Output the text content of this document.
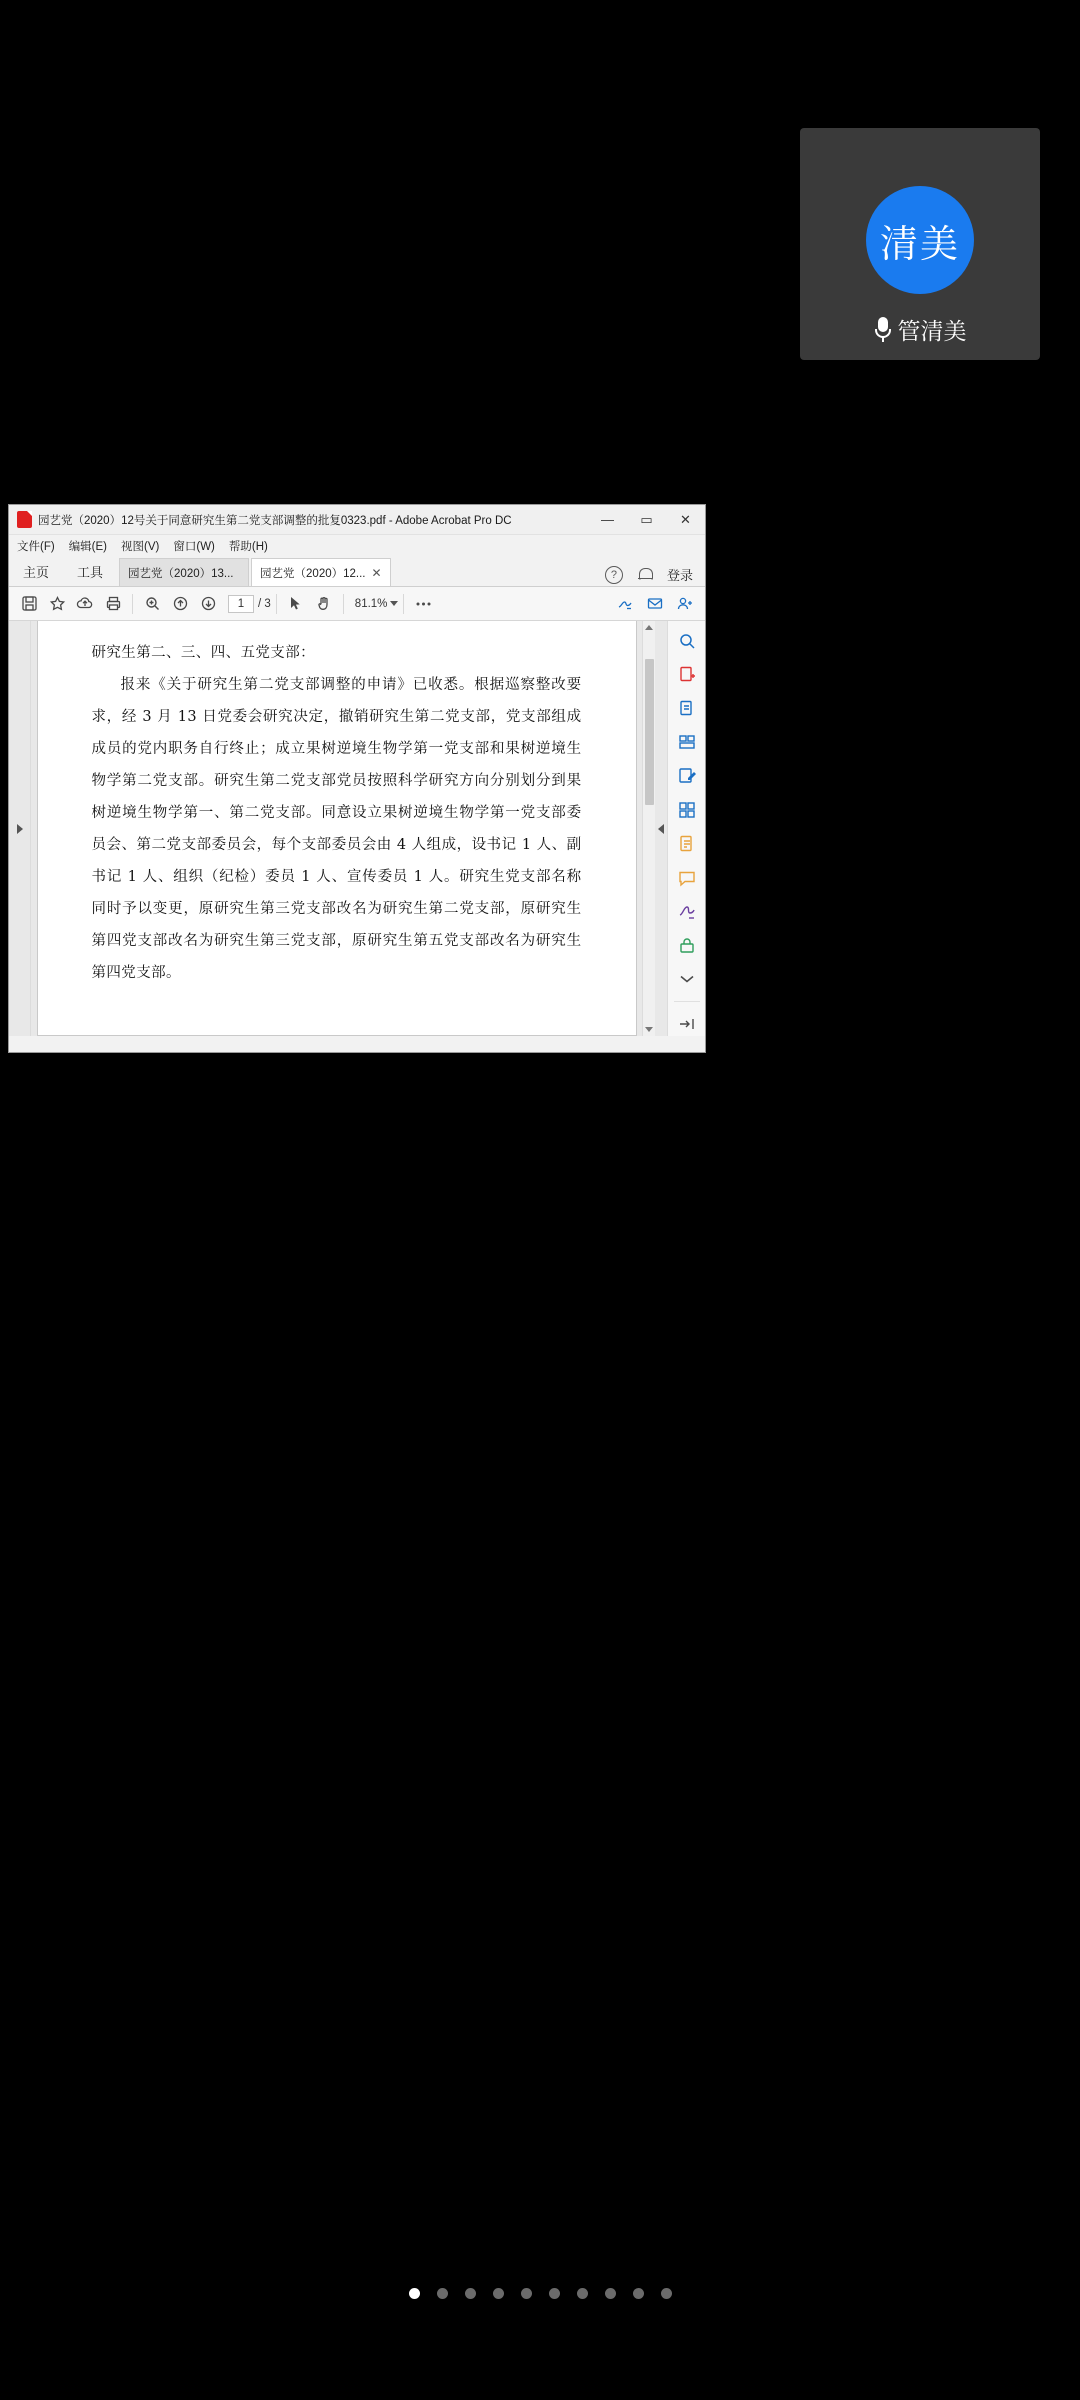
清美
管清美
园艺党（2020）12号关于同意研究生第二党支部调整的批复0323.pdf - Adobe Acrobat Pro DC	—	▭	✕
文件(F) 编辑(E) 视图(V) 窗口(W) 帮助(H)
主页	工具	园艺党（2020）13... 园艺党（2020）12... ✕	?	登录
1
/ 3	81.1%

研究生第二、三、四、五党支部：

报来《关于研究生第二党支部调整的申请》已收悉。根据巡察整改要求，经 3 月 13 日党委会研究决定，撤销研究生第二党支部，党支部组成成员的党内职务自行终止；成立果树逆境生物学第一党支部和果树逆境生物学第二党支部。研究生第二党支部党员按照科学研究方向分别划分到果树逆境生物学第一、第二党支部。同意设立果树逆境生物学第一党支部委员会、第二党支部委员会，每个支部委员会由 4 人组成，设书记 1 人、副书记 1 人、组织（纪检）委员 1 人、宣传委员 1 人。研究生党支部名称同时予以变更，原研究生第三党支部改名为研究生第二党支部，原研究生第四党支部改名为研究生第三党支部，原研究生第五党支部改名为研究生第四党支部。
